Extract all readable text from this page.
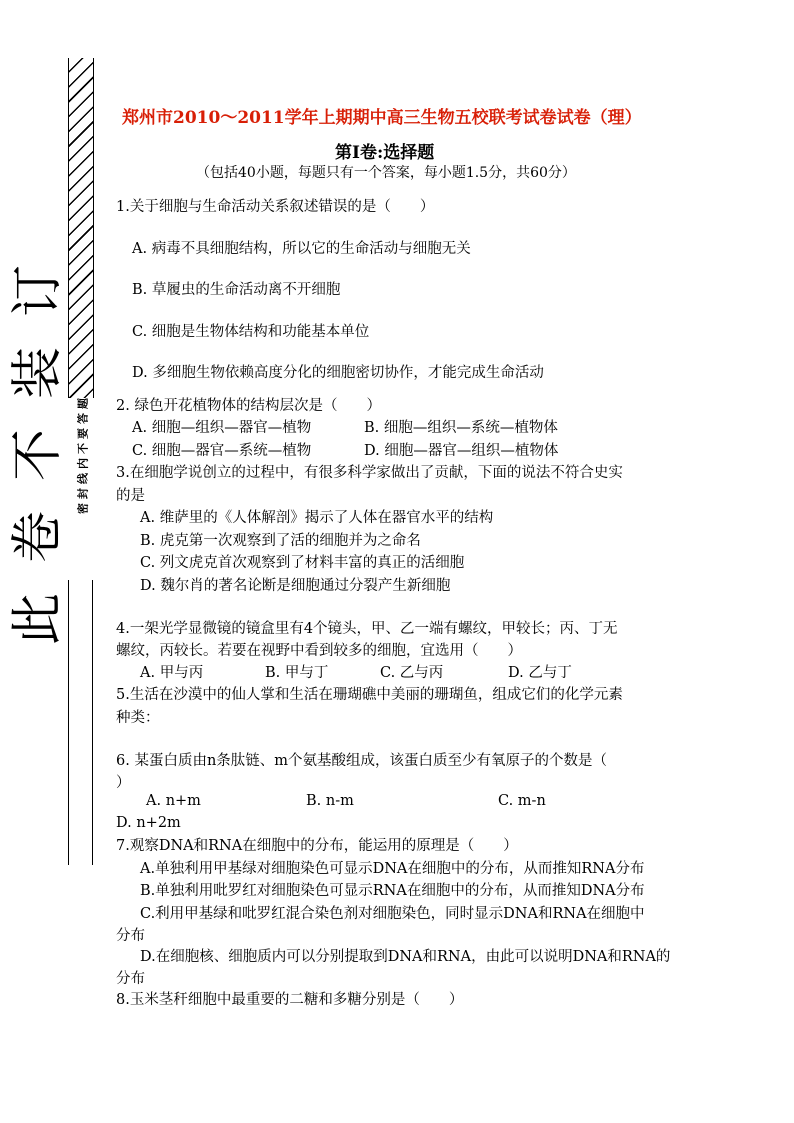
订
装
不
卷
此
题
答
要
不
内
线
封
密
郑州市2010～2011学年上期期中高三生物五校联考试卷试卷（理）
第Ⅰ卷:选择题
（包括40小题，每题只有一个答案，每小题1.5分，共60分）
1.关于细胞与生命活动关系叙述错误的是（　　）
A. 病毒不具细胞结构，所以它的生命活动与细胞无关
B. 草履虫的生命活动离不开细胞
C. 细胞是生物体结构和功能基本单位
D. 多细胞生物依赖高度分化的细胞密切协作，才能完成生命活动
2. 绿色开花植物体的结构层次是（　　）
A. 细胞—组织—器官—植物	B. 细胞—组织—系统—植物体
C. 细胞—器官—系统—植物	D. 细胞—器官—组织—植物体
3.在细胞学说创立的过程中，有很多科学家做出了贡献，下面的说法不符合史实
的是
A. 维萨里的《人体解剖》揭示了人体在器官水平的结构
B. 虎克第一次观察到了活的细胞并为之命名
C. 列文虎克首次观察到了材料丰富的真正的活细胞
D. 魏尔肖的著名论断是细胞通过分裂产生新细胞
4.一架光学显微镜的镜盒里有4个镜头，甲、乙一端有螺纹，甲较长；丙、丁无
螺纹，丙较长。若要在视野中看到较多的细胞，宜选用（　　）
A. 甲与丙	B. 甲与丁	C. 乙与丙	D. 乙与丁
5.生活在沙漠中的仙人掌和生活在珊瑚礁中美丽的珊瑚鱼，组成它们的化学元素
种类：
6. 某蛋白质由n条肽链、m个氨基酸组成，该蛋白质至少有氧原子的个数是（
）
A. n+m	B. n-m	C. m-n
D. n+2m
7.观察DNA和RNA在细胞中的分布，能运用的原理是（　　）
A.单独利用甲基绿对细胞染色可显示DNA在细胞中的分布，从而推知RNA分布
B.单独利用吡罗红对细胞染色可显示RNA在细胞中的分布，从而推知DNA分布
C.利用甲基绿和吡罗红混合染色剂对细胞染色，同时显示DNA和RNA在细胞中
分布
D.在细胞核、细胞质内可以分别提取到DNA和RNA，由此可以说明DNA和RNA的
分布
8.玉米茎秆细胞中最重要的二糖和多糖分别是（　　）
